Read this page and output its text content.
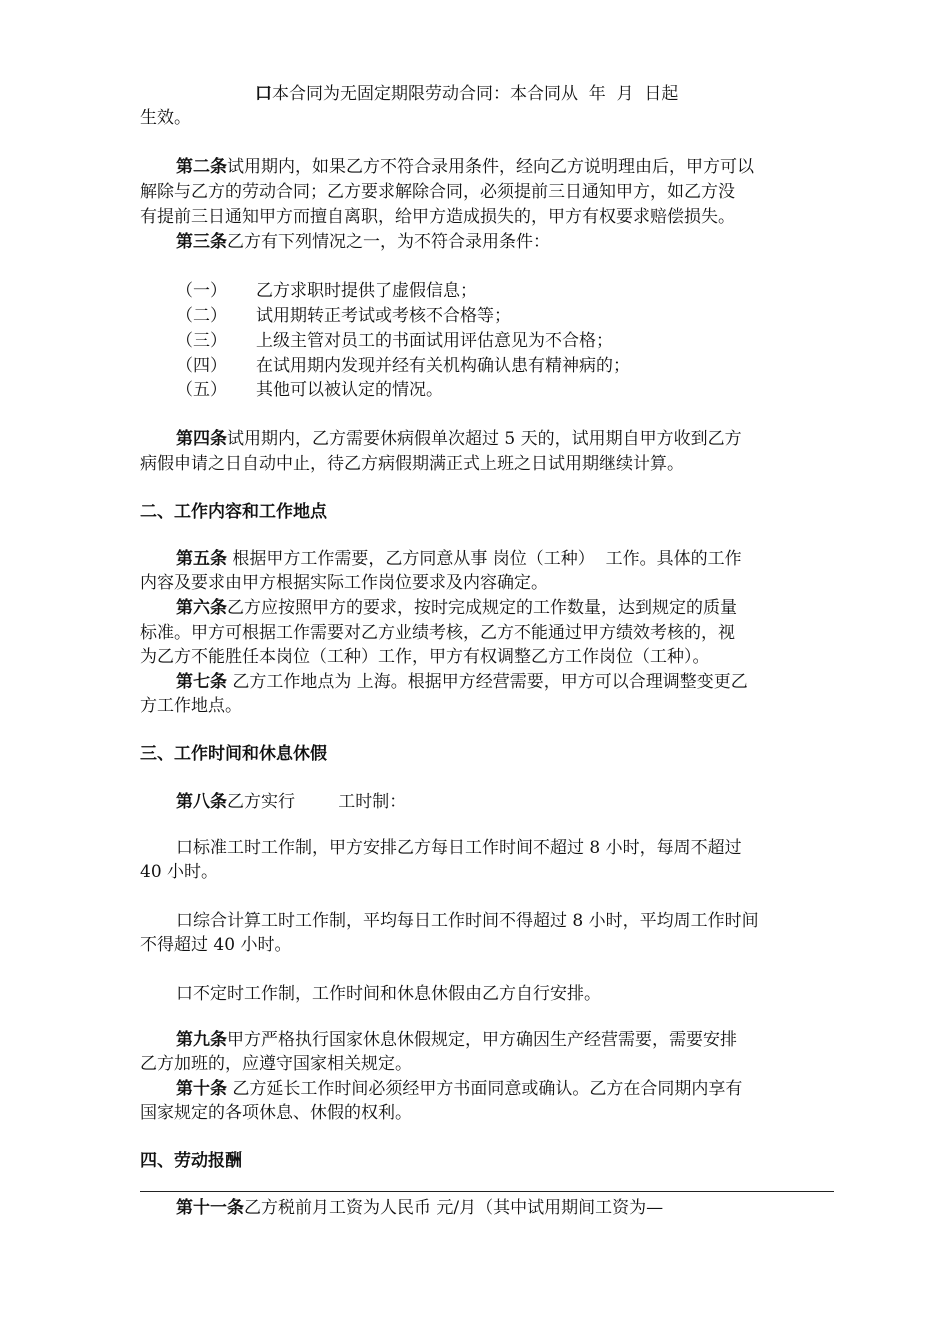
口本合同为无固定期限劳动合同：本合同从  年  月  日起
生效。
第二条试用期内，如果乙方不符合录用条件，经向乙方说明理由后，甲方可以
解除与乙方的劳动合同；乙方要求解除合同，必须提前三日通知甲方，如乙方没
有提前三日通知甲方而擅自离职，给甲方造成损失的，甲方有权要求赔偿损失。
第三条乙方有下列情况之一，为不符合录用条件：
（一） 乙方求职时提供了虚假信息；
（二） 试用期转正考试或考核不合格等；
（三） 上级主管对员工的书面试用评估意见为不合格；
（四） 在试用期内发现并经有关机构确认患有精神病的；
（五） 其他可以被认定的情况。
第四条试用期内，乙方需要休病假单次超过 5 天的，试用期自甲方收到乙方
病假申请之日自动中止，待乙方病假期满正式上班之日试用期继续计算。
二、工作内容和工作地点
第五条 根据甲方工作需要，乙方同意从事 岗位（工种）  工作。具体的工作
内容及要求由甲方根据实际工作岗位要求及内容确定。
第六条乙方应按照甲方的要求，按时完成规定的工作数量，达到规定的质量
标准。甲方可根据工作需要对乙方业绩考核，乙方不能通过甲方绩效考核的，视
为乙方不能胜任本岗位（工种）工作，甲方有权调整乙方工作岗位（工种）。
第七条 乙方工作地点为 上海。根据甲方经营需要，甲方可以合理调整变更乙
方工作地点。
三、工作时间和休息休假
第八条乙方实行        工时制：
口标准工时工作制，甲方安排乙方每日工作时间不超过 8 小时，每周不超过
40 小时。
口综合计算工时工作制，平均每日工作时间不得超过 8 小时，平均周工作时间
不得超过 40 小时。
口不定时工作制，工作时间和休息休假由乙方自行安排。
第九条甲方严格执行国家休息休假规定，甲方确因生产经营需要，需要安排
乙方加班的，应遵守国家相关规定。
第十条 乙方延长工作时间必须经甲方书面同意或确认。乙方在合同期内享有
国家规定的各项休息、休假的权利。
四、劳动报酬
第十一条乙方税前月工资为人民币 元/月（其中试用期间工资为—
